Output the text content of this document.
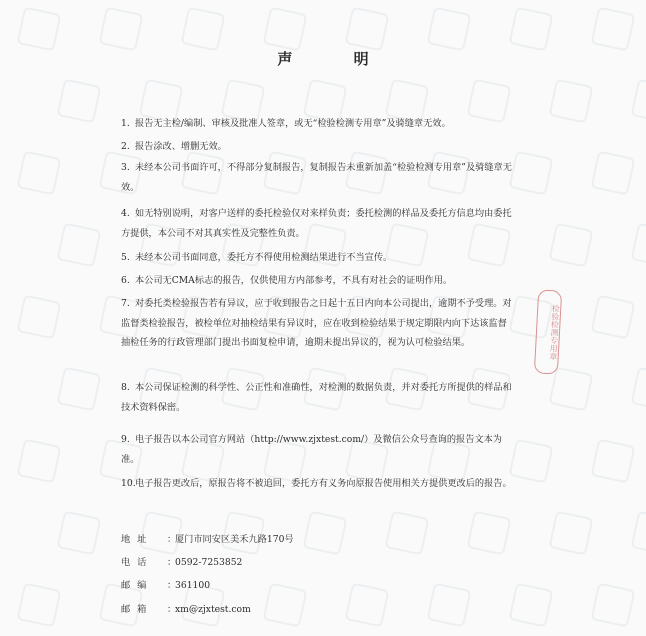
声 明

1. 报告无主检/编制、审核及批准人签章，或无“检验检测专用章”及骑缝章无效。

2. 报告涂改、增删无效。

3. 未经本公司书面许可，不得部分复制报告，复制报告未重新加盖“检验检测专用章”及骑缝章无效。

4. 如无特别说明，对客户送样的委托检验仅对来样负责；委托检测的样品及委托方信息均由委托方提供，本公司不对其真实性及完整性负责。

5. 未经本公司书面同意，委托方不得使用检测结果进行不当宣传。

6. 本公司无CMA标志的报告，仅供使用方内部参考，不具有对社会的证明作用。

7. 对委托类检验报告若有异议，应于收到报告之日起十五日内向本公司提出，逾期不予受理。对监督类检验报告，被检单位对抽检结果有异议时，应在收到检验结果于规定期限内向下达该监督抽检任务的行政管理部门提出书面复检申请，逾期未提出异议的，视为认可检验结果。

8. 本公司保证检测的科学性、公正性和准确性，对检测的数据负责，并对委托方所提供的样品和技术资料保密。

9. 电子报告以本公司官方网站（http://www.zjxtest.com/）及微信公众号查询的报告文本为准。

10.电子报告更改后，原报告将不被追回，委托方有义务向原报告使用相关方提供更改后的报告。

地 址 ：厦门市同安区美禾九路170号
电 话 ：0592-7253852
邮 编 ：361100
邮 箱 ：xm@zjxtest.com
检验检测专用章
